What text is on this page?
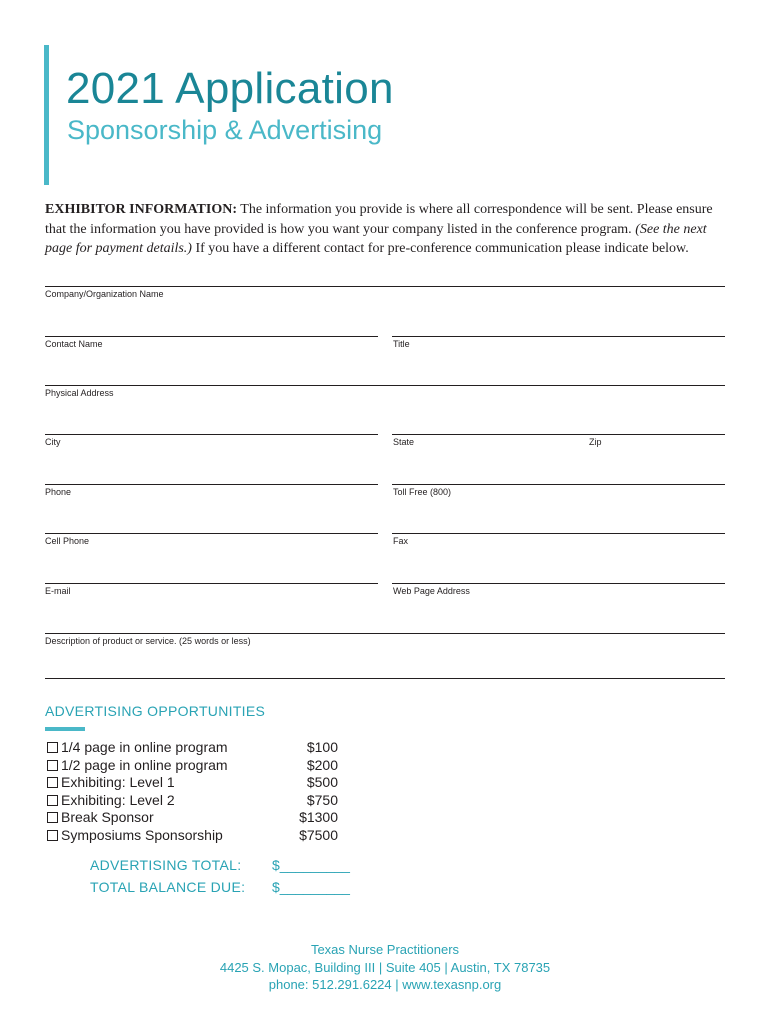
2021 Application
Sponsorship & Advertising

EXHIBITOR INFORMATION: The information you provide is where all correspondence will be sent. Please ensure that the information you have provided is how you want your company listed in the conference program. (See the next page for payment details.) If you have a different contact for pre-conference communication please indicate below.

Company/Organization Name
Contact Name	Title
Physical Address
City	State	Zip
Phone	Toll Free (800)
Cell Phone	Fax
E-mail	Web Page Address
Description of product or service. (25 words or less)
ADVERTISING OPPORTUNITIES
1/4 page in online program	$100
1/2 page in online program	$200
Exhibiting: Level 1	$500
Exhibiting: Level 2	$750
Break Sponsor	$1300
Symposiums Sponsorship	$7500
ADVERTISING TOTAL: $_________
TOTAL BALANCE DUE: $_________
Texas Nurse Practitioners
4425 S. Mopac, Building III | Suite 405 | Austin, TX 78735
phone: 512.291.6224 | www.texasnp.org
